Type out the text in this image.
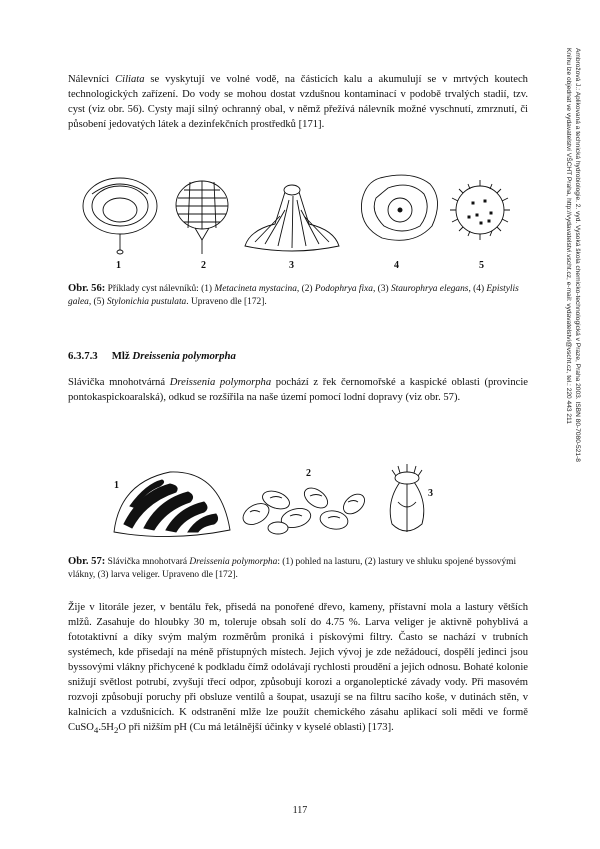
Nálevníci Ciliata se vyskytují ve volné vodě, na částicích kalu a akumulují se v mrtvých koutech technologických zařízení. Do vody se mohou dostat vzdušnou kontaminací v podobě trvalých stadií, tzv. cyst (viz obr. 56). Cysty mají silný ochranný obal, v němž přežívá nálevník možné vyschnutí, zmrznutí, či působení jedovatých látek a dezinfekčních prostředků [171].

1	2	3	4	5

Obr. 56: Příklady cyst nálevníků: (1) Metacineta mystacina, (2) Podophrya fixa, (3) Staurophrya elegans, (4) Epistylis galea, (5) Stylonichia pustulata. Upraveno dle [172].

6.3.7.3 Mlž Dreissenia polymorpha

Slávička mnohotvárná Dreissenia polymorpha pochází z řek černomořské a kaspické oblasti (provincie pontokaspickoaralská), odkud se rozšířila na naše území pomocí lodní dopravy (viz obr. 57).

1
2
3

Obr. 57: Slávička mnohotvará Dreissenia polymorpha: (1) pohled na lasturu, (2) lastury ve shluku spojené byssovými vlákny, (3) larva veliger. Upraveno dle [172].

Žije v litorále jezer, v bentálu řek, přisedá na ponořené dřevo, kameny, přístavní mola a lastury větších mlžů. Zasahuje do hloubky 30 m, toleruje obsah solí do 4.75 %. Larva veliger je aktivně pohyblivá a fototaktivní a díky svým malým rozměrům proniká i pískovými filtry. Často se nachází v trubních systémech, kde přisedají na méně přístupných místech. Jejich vývoj je zde nežádoucí, dospělí jedinci jsou byssovými vlákny přichycené k podkladu čímž odolávají rychlosti proudění a jejich odnosu. Bohaté kolonie snižují světlost potrubí, zvyšují třecí odpor, způsobují korozi a organoleptické závady vody. Při masovém rozvoji způsobují poruchy při obsluze ventilů a šoupat, usazují se na filtru sacího koše, v dutinách stěn, v kalnicích a vzdušnicích. K odstranění mlže lze použít chemického zásahu aplikací soli mědi ve formě $CuSO_4.5H_2O$ při nižším pH (Cu má letálnější účinky v kyselé oblasti) [173].

Ambrožová J.: Aplikovaná a technická hydrobiologie. 2. vyd. Vysoká škola chemicko-technologická v Praze, Praha 2003. ISBN 80-7080-521-8
Knihu lze objednat ve vydavatelství VŠCHT Praha, http://vydavatelstvi.vscht.cz, e-mail: vydavatelstvi@vscht.cz, tel.: 220 443 211
117
